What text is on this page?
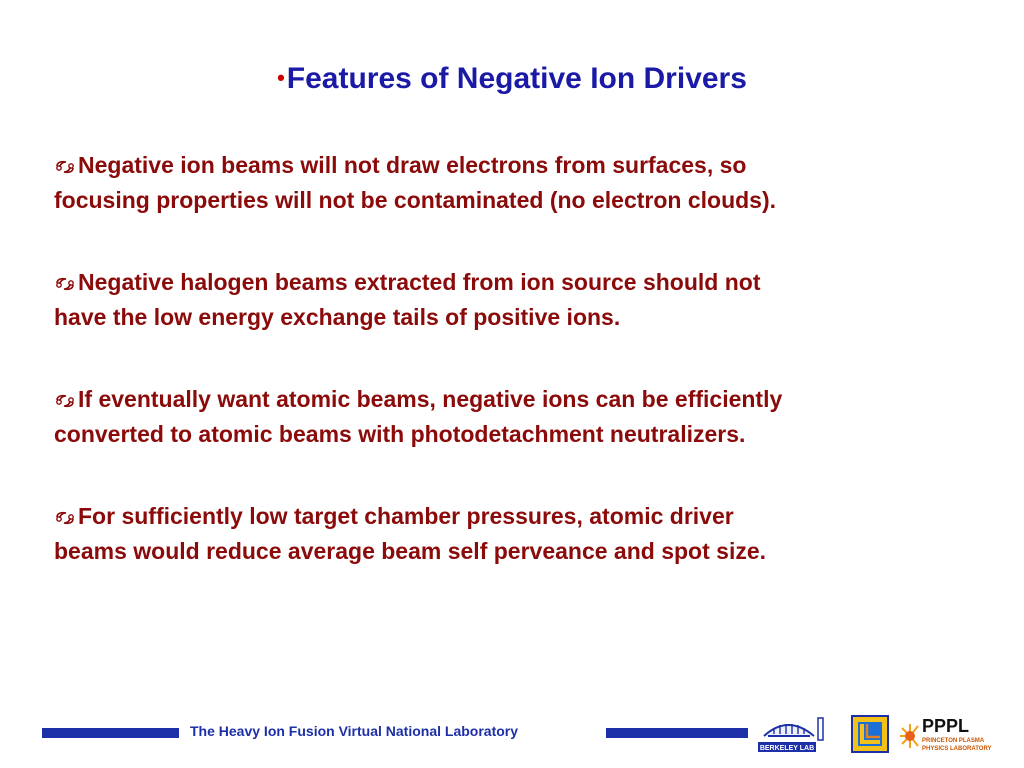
•Features of Negative Ion Drivers
Negative ion beams will not draw electrons from surfaces, so
focusing properties will not be contaminated (no electron clouds).
Negative halogen beams extracted from ion source should not
have the low energy exchange tails of positive ions.
If eventually want atomic beams, negative ions can be efficiently
converted to atomic beams with photodetachment neutralizers.
For sufficiently low target chamber pressures, atomic driver
beams would reduce average beam self perveance and spot size.
The Heavy Ion Fusion Virtual National Laboratory
BERKELEY LAB
PPPL
PRINCETON PLASMA
PHYSICS LABORATORY
